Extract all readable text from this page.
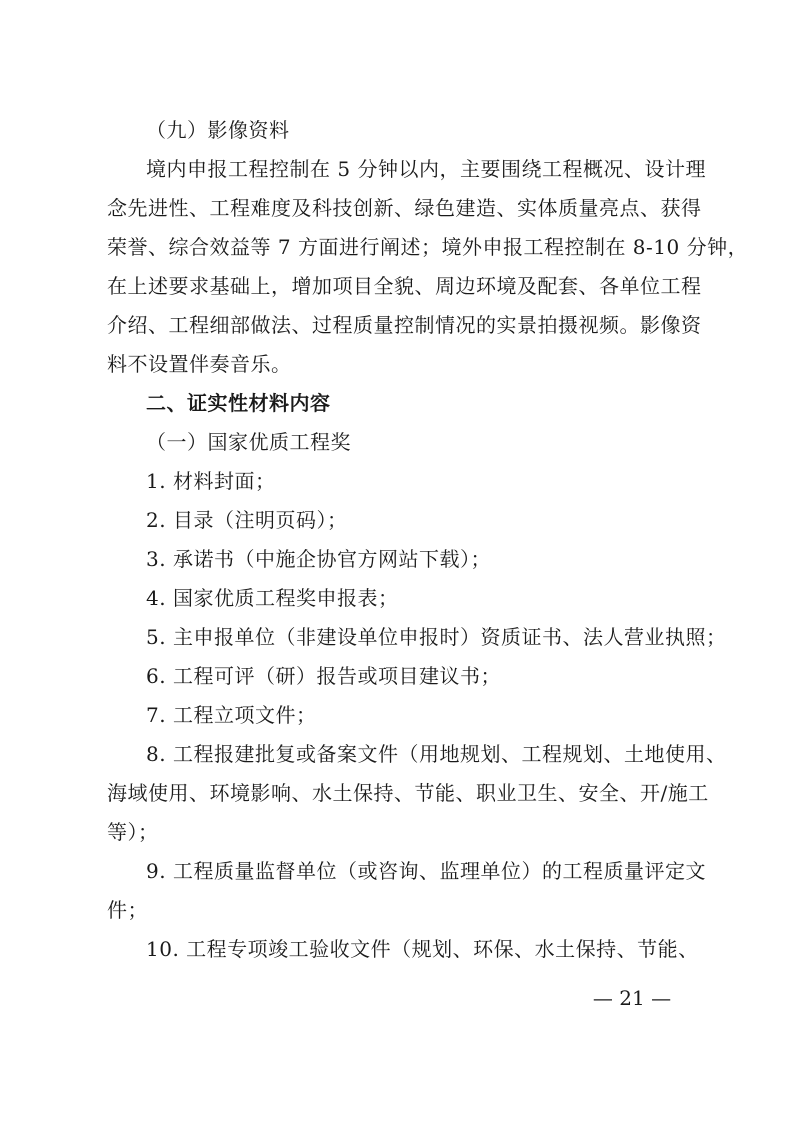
（九）影像资料
境内申报工程控制在 5 分钟以内，主要围绕工程概况、设计理
念先进性、工程难度及科技创新、绿色建造、实体质量亮点、获得
荣誉、综合效益等 7 方面进行阐述；境外申报工程控制在 8-10 分钟，
在上述要求基础上，增加项目全貌、周边环境及配套、各单位工程
介绍、工程细部做法、过程质量控制情况的实景拍摄视频。影像资
料不设置伴奏音乐。
二、证实性材料内容
（一）国家优质工程奖
1. 材料封面；
2. 目录（注明页码）；
3. 承诺书（中施企协官方网站下载）；
4. 国家优质工程奖申报表；
5. 主申报单位（非建设单位申报时）资质证书、法人营业执照；
6. 工程可评（研）报告或项目建议书；
7. 工程立项文件；
8. 工程报建批复或备案文件（用地规划、工程规划、土地使用、
海域使用、环境影响、水土保持、节能、职业卫生、安全、开/施工
等）；
9. 工程质量监督单位（或咨询、监理单位）的工程质量评定文
件；
10. 工程专项竣工验收文件（规划、环保、水土保持、节能、
— 21 —
